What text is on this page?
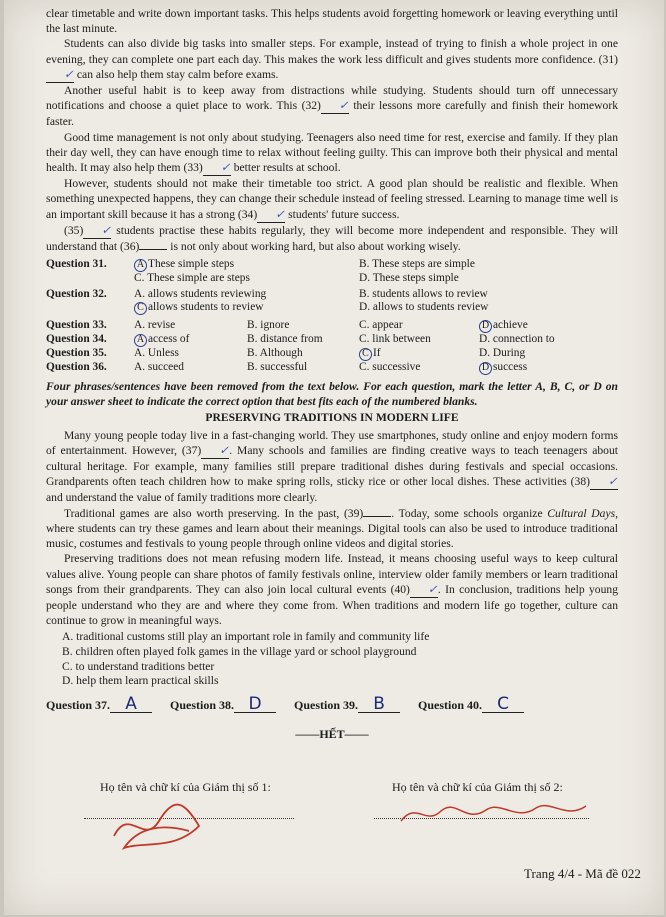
clear timetable and write down important tasks. This helps students avoid forgetting homework or leaving everything until the last minute.

Students can also divide big tasks into smaller steps. For example, instead of trying to finish a whole project in one evening, they can complete one part each day. This makes the work less difficult and gives students more confidence. (31)✓ can also help them stay calm before exams.

Another useful habit is to keep away from distractions while studying. Students should turn off unnecessary notifications and choose a quiet place to work. This (32) ✓ their lessons more carefully and finish their homework faster.

Good time management is not only about studying. Teenagers also need time for rest, exercise and family. If they plan their day well, they can have enough time to relax without feeling guilty. This can improve both their physical and mental health. It may also help them (33) ✓ better results at school.

However, students should not make their timetable too strict. A good plan should be realistic and flexible. When something unexpected happens, they can change their schedule instead of feeling stressed. Learning to manage time well is an important skill because it has a strong (34) ✓ students' future success.

(35) ✓ students practise these habits regularly, they will become more independent and responsible. They will understand that (36) is not only about working hard, but also about working wisely.

Question 31.	A These simple steps	B. These steps are simple
C. These simple are steps	D. These steps simple
Question 32.	A. allows students reviewing	B. students allows to review
C allows students to review	D. allows to students review
Question 33.	A. revise	B. ignore	C. appear	D achieve
Question 34.	A access of	B. distance from	C. link between	D. connection to
Question 35.	A. Unless	B. Although	C If	D. During
Question 36.	A. succeed	B. successful	C. successive	D success

Four phrases/sentences have been removed from the text below. For each question, mark the letter A, B, C, or D on your answer sheet to indicate the correct option that best fits each of the numbered blanks.

PRESERVING TRADITIONS IN MODERN LIFE

Many young people today live in a fast-changing world. They use smartphones, study online and enjoy modern forms of entertainment. However, (37) ✓. Many schools and families are finding creative ways to teach teenagers about cultural heritage. For example, many families still prepare traditional dishes during festivals and special occasions. Grandparents often teach children how to make spring rolls, sticky rice or other local dishes. These activities (38) ✓ and understand the value of family traditions more clearly.

Traditional games are also worth preserving. In the past, (39) . Today, some schools organize Cultural Days, where students can try these games and learn about their meanings. Digital tools can also be used to introduce traditional music, costumes and festivals to young people through online videos and digital stories.

Preserving traditions does not mean refusing modern life. Instead, it means choosing useful ways to keep cultural values alive. Young people can share photos of family festivals online, interview older family members or learn traditional songs from their grandparents. They can also join local cultural events (40) ✓. In conclusion, traditions help young people understand who they are and where they come from. When traditions and modern life go together, culture can continue to grow in meaningful ways.

A. traditional customs still play an important role in family and community life
B. children often played folk games in the village yard or school playground
C. to understand traditions better
D. help them learn practical skills
Question 37. A	Question 38. D	Question 39. B	Question 40. C
——HẾT——
Họ tên và chữ kí của Giám thị số 1:	Họ tên và chữ kí của Giám thị số 2:
Trang 4/4 - Mã đề 022
